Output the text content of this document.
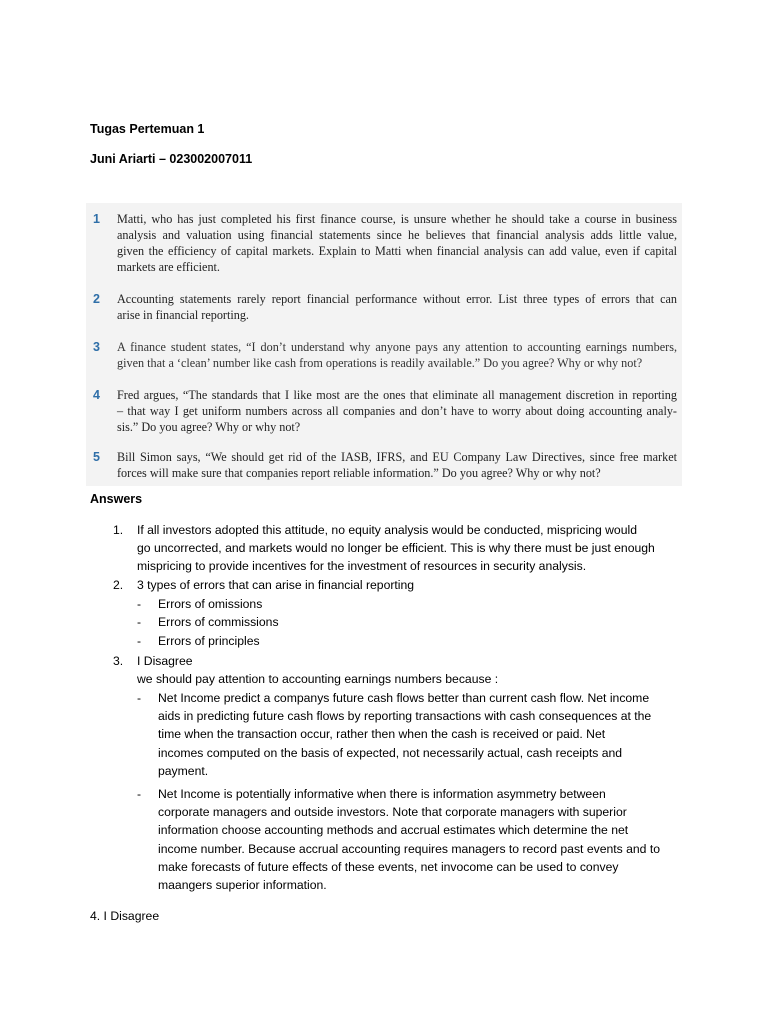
Tugas Pertemuan 1

Juni Ariarti – 023002007011

1 Matti, who has just completed his first finance course, is unsure whether he should take a course in business
analysis and valuation using financial statements since he believes that financial analysis adds little value,
given the efficiency of capital markets. Explain to Matti when financial analysis can add value, even if capital
markets are efficient.

2 Accounting statements rarely report financial performance without error. List three types of errors that can
arise in financial reporting.

3 A finance student states, “I don’t understand why anyone pays any attention to accounting earnings numbers,
given that a ‘clean’ number like cash from operations is readily available.” Do you agree? Why or why not?

4 Fred argues, “The standards that I like most are the ones that eliminate all management discretion in reporting
– that way I get uniform numbers across all companies and don’t have to worry about doing accounting analy-
sis.” Do you agree? Why or why not?

5 Bill Simon says, “We should get rid of the IASB, IFRS, and EU Company Law Directives, since free market
forces will make sure that companies report reliable information.” Do you agree? Why or why not?

Answers

1. If all investors adopted this attitude, no equity analysis would be conducted, mispricing would
go uncorrected, and markets would no longer be efficient. This is why there must be just enough
mispricing to provide incentives for the investment of resources in security analysis.

2. 3 types of errors that can arise in financial reporting

- Errors of omissions
- Errors of commissions
- Errors of principles
3. I Disagree

we should pay attention to accounting earnings numbers because :

- Net Income predict a companys future cash flows better than current cash flow. Net income
aids in predicting future cash flows by reporting transactions with cash consequences at the
time when the transaction occur, rather then when the cash is received or paid. Net
incomes computed on the basis of expected, not necessarily actual, cash receipts and
payment.

- Net Income is potentially informative when there is information asymmetry between
corporate managers and outside investors. Note that corporate managers with superior
information choose accounting methods and accrual estimates which determine the net
income number. Because accrual accounting requires managers to record past events and to
make forecasts of future effects of these events, net invocome can be used to convey
maangers superior information.

4. I Disagree
